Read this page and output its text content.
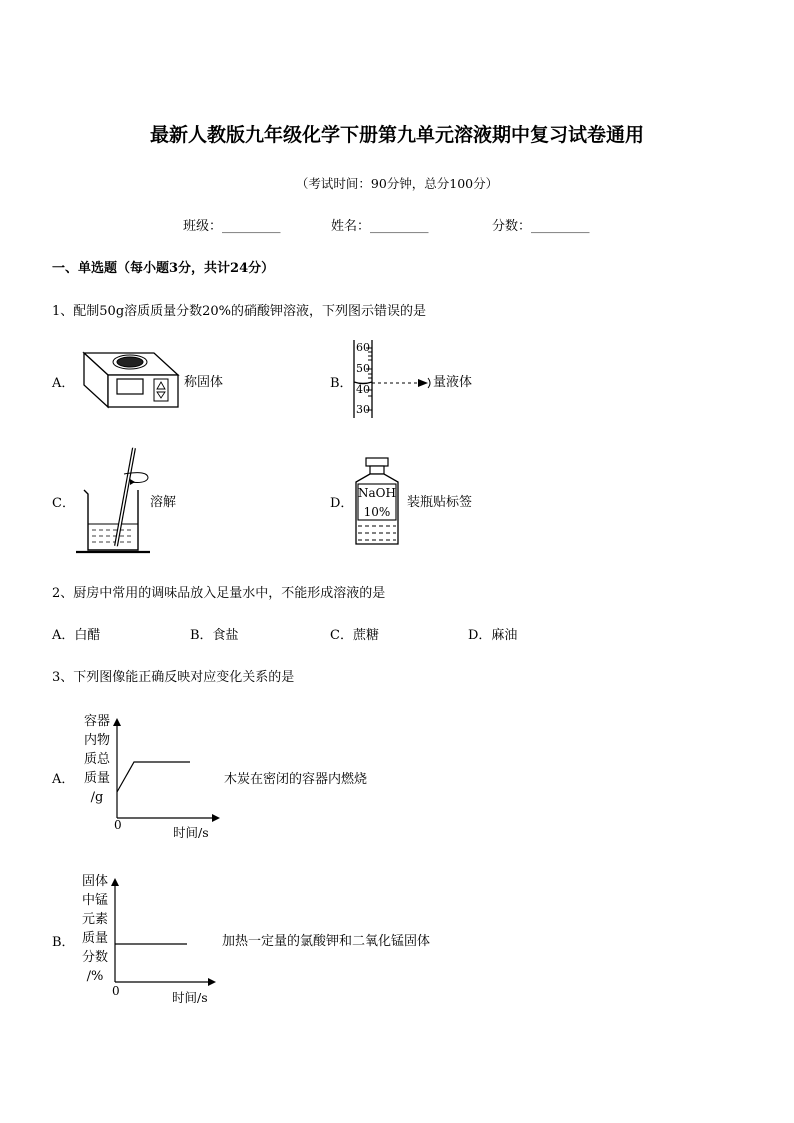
最新人教版九年级化学下册第九单元溶液期中复习试卷通用
（考试时间：90分钟，总分100分）
班级：_________	姓名：_________	分数：_________
一、单选题（每小题3分，共计24分）
1、配制50g溶质质量分数20%的硝酸钾溶液，下列图示错误的是
A．	称固体	B．
60
50
40
30
量液体
C．	溶解	D．
NaOH
10%
装瓶贴标签
2、厨房中常用的调味品放入足量水中，不能形成溶液的是
A．白醋	B．食盐	C．蔗糖	D．麻油
3、下列图像能正确反映对应变化关系的是
A．
容器
内物
质总
质量
/g
0	时间/s
木炭在密闭的容器内燃烧
B．
固体
中锰
元素
质量
分数
/%
0	时间/s
加热一定量的氯酸钾和二氧化锰固体
